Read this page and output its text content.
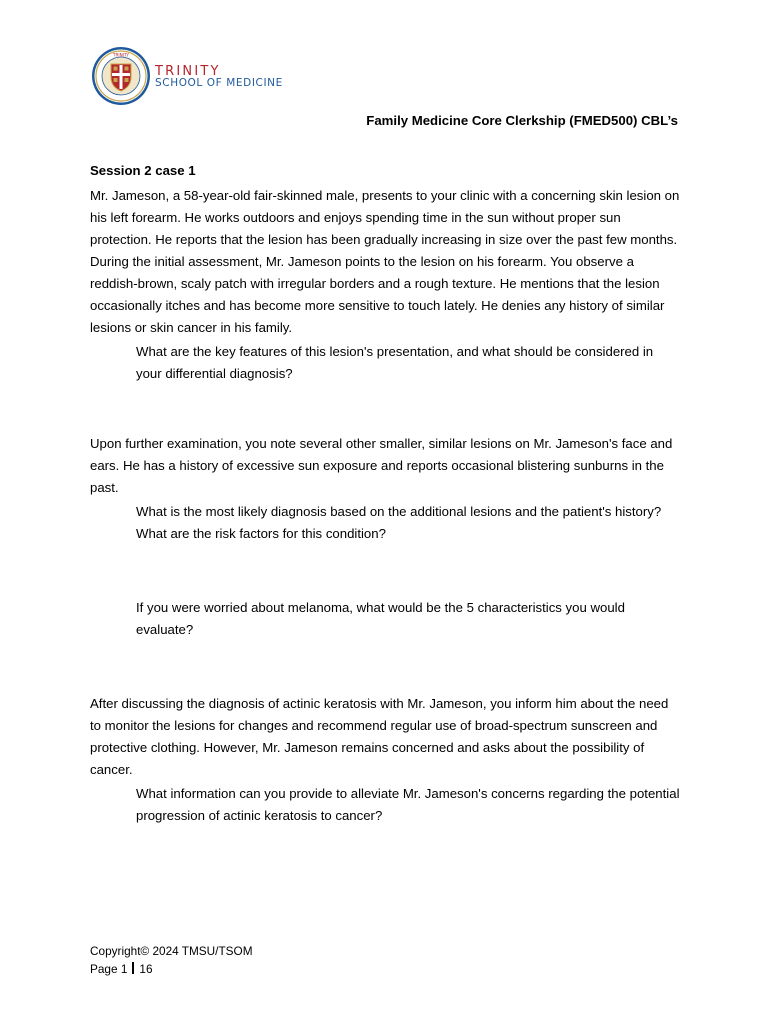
TRINITY
TRINITY
SCHOOL OF MEDICINE
Family Medicine Core Clerkship (FMED500) CBL’s

Session 2 case 1

Mr. Jameson, a 58-year-old fair-skinned male, presents to your clinic with a concerning skin lesion on his left forearm. He works outdoors and enjoys spending time in the sun without proper sun protection. He reports that the lesion has been gradually increasing in size over the past few months. During the initial assessment, Mr. Jameson points to the lesion on his forearm. You observe a reddish-brown, scaly patch with irregular borders and a rough texture. He mentions that the lesion occasionally itches and has become more sensitive to touch lately. He denies any history of similar lesions or skin cancer in his family.

What are the key features of this lesion's presentation, and what should be considered in your differential diagnosis?

Upon further examination, you note several other smaller, similar lesions on Mr. Jameson's face and ears. He has a history of excessive sun exposure and reports occasional blistering sunburns in the past.

What is the most likely diagnosis based on the additional lesions and the patient's history? What are the risk factors for this condition?

If you were worried about melanoma, what would be the 5 characteristics you would evaluate?

After discussing the diagnosis of actinic keratosis with Mr. Jameson, you inform him about the need to monitor the lesions for changes and recommend regular use of broad-spectrum sunscreen and protective clothing. However, Mr. Jameson remains concerned and asks about the possibility of cancer.

What information can you provide to alleviate Mr. Jameson's concerns regarding the potential progression of actinic keratosis to cancer?

Copyright© 2024 TMSU/TSOM
Page 1 16
